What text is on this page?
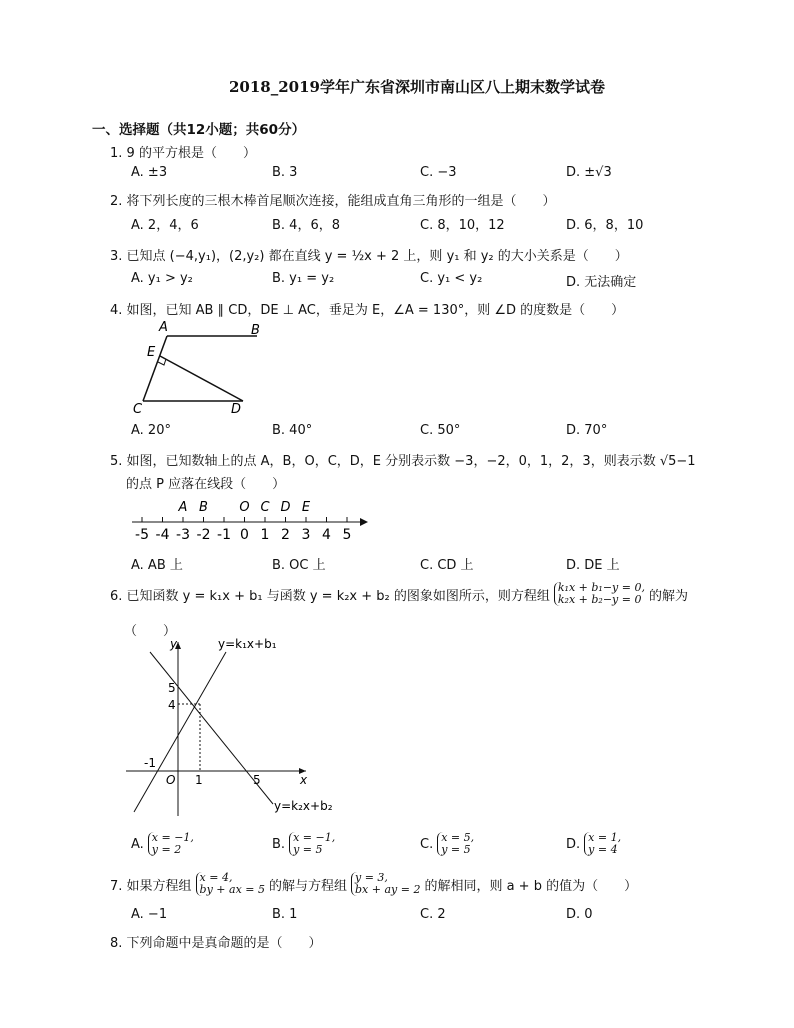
2018_2019学年广东省深圳市南山区八上期末数学试卷
一、选择题（共12小题；共60分）
1. 9 的平方根是（　　）
A. ±3	B. 3	C. −3	D. ±√3
2. 将下列长度的三根木棒首尾顺次连接，能组成直角三角形的一组是（　　）
A. 2，4，6	B. 4，6，8	C. 8，10，12	D. 6，8，10
3. 已知点 (−4,y₁)，(2,y₂) 都在直线 y = ½x + 2 上，则 y₁ 和 y₂ 的大小关系是（　　）
A. y₁ > y₂	B. y₁ = y₂	C. y₁ < y₂	D. 无法确定
4. 如图，已知 AB ∥ CD，DE ⊥ AC，垂足为 E，∠A = 130°，则 ∠D 的度数是（　　）
A	B
E
C	D
A. 20°	B. 40°	C. 50°	D. 70°
5. 如图，已知数轴上的点 A，B，O，C，D，E 分别表示数 −3，−2，0，1，2，3，则表示数 √5−1
的点 P 应落在线段（　　）
-5 -4 -3 -2 -1 0 1 2 3 4 5
A B O C D E
A. AB 上	B. OC 上	C. CD 上	D. DE 上
6. 已知函数 y = k₁x + b₁ 与函数 y = k₂x + b₂ 的图象如图所示，则方程组
k₁x + b₁−y = 0,
k₂x + b₂−y = 0 的解为
（　　）
y
x
O
5
4
-1
1	5
y=k₁x+b₁
y=k₂x+b₂
A. x = −1,
y = 2	B. x = −1,
y = 5	C. x = 5,
y = 5	D. x = 1,
y = 4
7. 如果方程组
x = 4,
by + ax = 5 的解与方程组
y = 3,
bx + ay = 2 的解相同，则 a + b 的值为（　　）
A. −1	B. 1	C. 2	D. 0
8. 下列命题中是真命题的是（　　）
